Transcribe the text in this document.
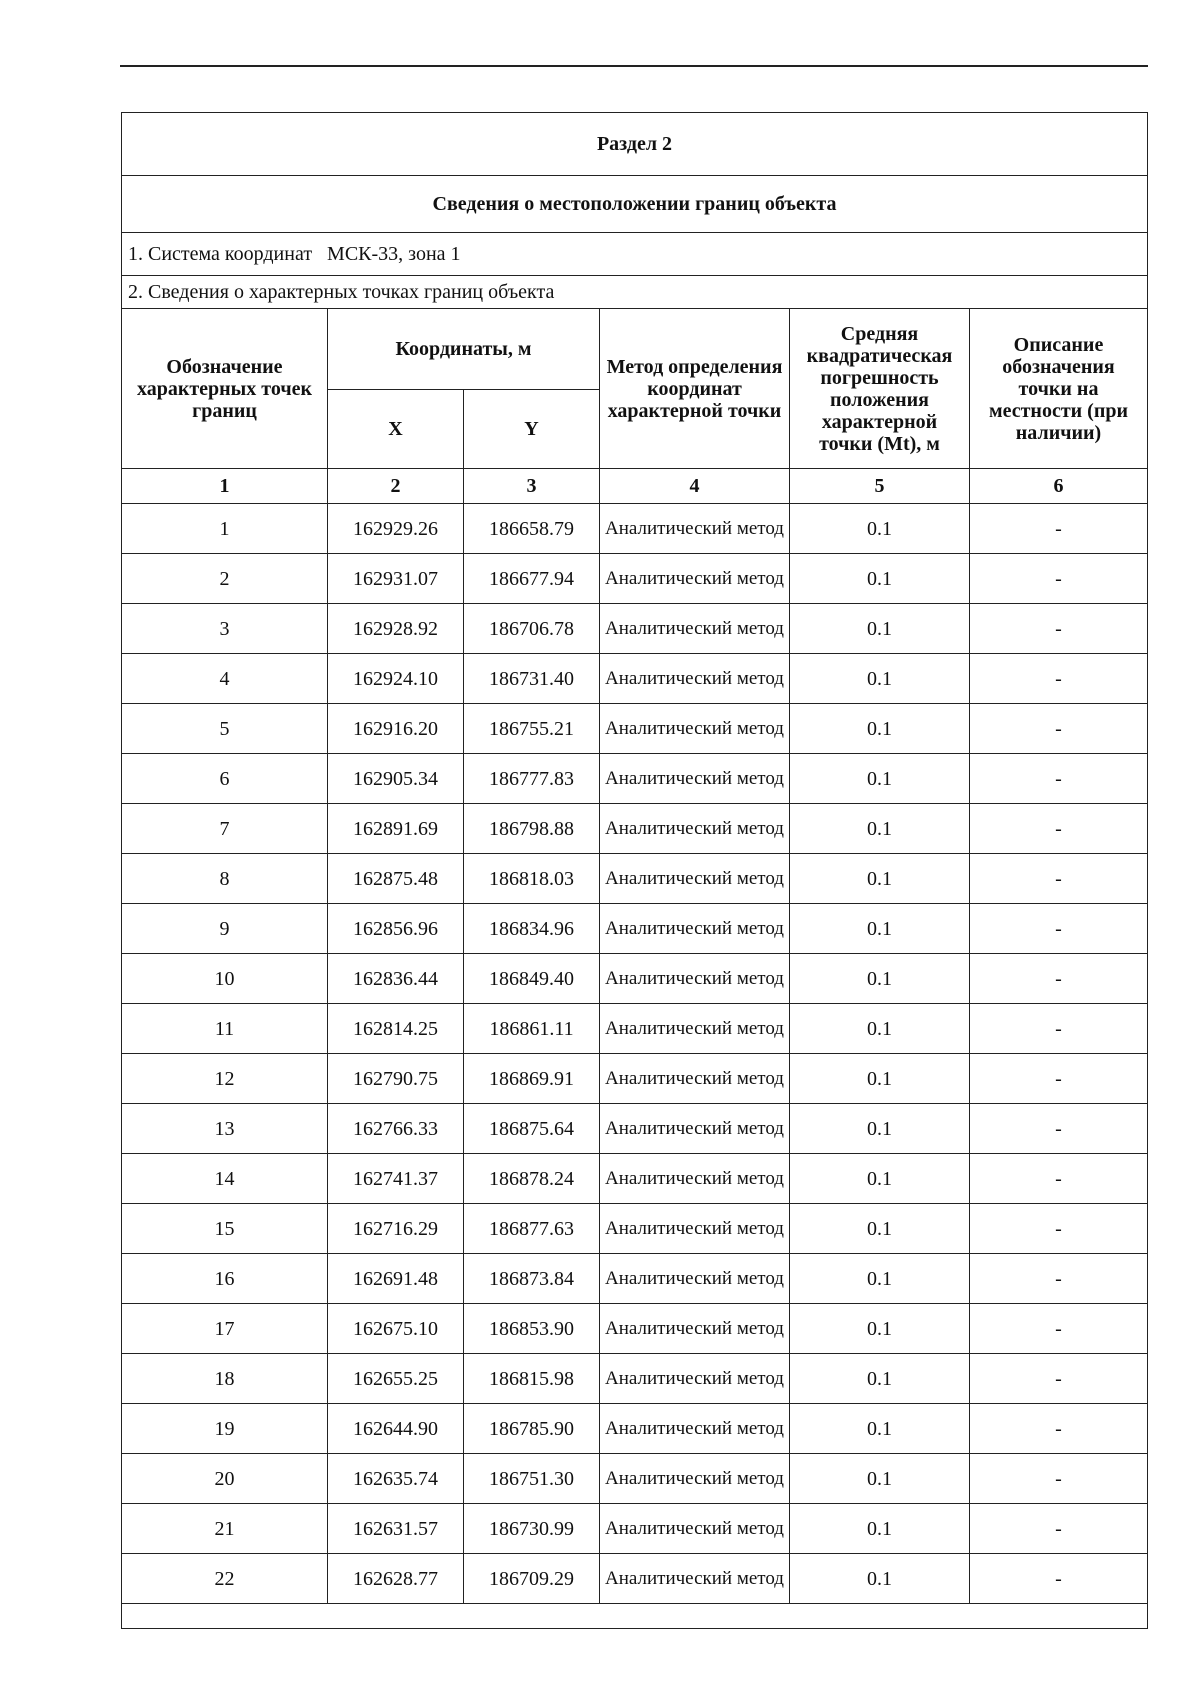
Раздел 2					
Сведения о местоположении границ объекта					
1. Система координат   МСК-33, зона 1					
2. Сведения о характерных точках границ объекта					
Обозначение характерных точек границ	Координаты, м		Метод определения координат характерной точки	Средняя квадратическая погрешность положения характерной точки (Mt), м	Описание обозначения точки на местности (при наличии)
	X	Y			
1	2	3	4	5	6
1	162929.26	186658.79	Аналитический метод	0.1	-
2	162931.07	186677.94	Аналитический метод	0.1	-
3	162928.92	186706.78	Аналитический метод	0.1	-
4	162924.10	186731.40	Аналитический метод	0.1	-
5	162916.20	186755.21	Аналитический метод	0.1	-
6	162905.34	186777.83	Аналитический метод	0.1	-
7	162891.69	186798.88	Аналитический метод	0.1	-
8	162875.48	186818.03	Аналитический метод	0.1	-
9	162856.96	186834.96	Аналитический метод	0.1	-
10	162836.44	186849.40	Аналитический метод	0.1	-
11	162814.25	186861.11	Аналитический метод	0.1	-
12	162790.75	186869.91	Аналитический метод	0.1	-
13	162766.33	186875.64	Аналитический метод	0.1	-
14	162741.37	186878.24	Аналитический метод	0.1	-
15	162716.29	186877.63	Аналитический метод	0.1	-
16	162691.48	186873.84	Аналитический метод	0.1	-
17	162675.10	186853.90	Аналитический метод	0.1	-
18	162655.25	186815.98	Аналитический метод	0.1	-
19	162644.90	186785.90	Аналитический метод	0.1	-
20	162635.74	186751.30	Аналитический метод	0.1	-
21	162631.57	186730.99	Аналитический метод	0.1	-
22	162628.77	186709.29	Аналитический метод	0.1	-
